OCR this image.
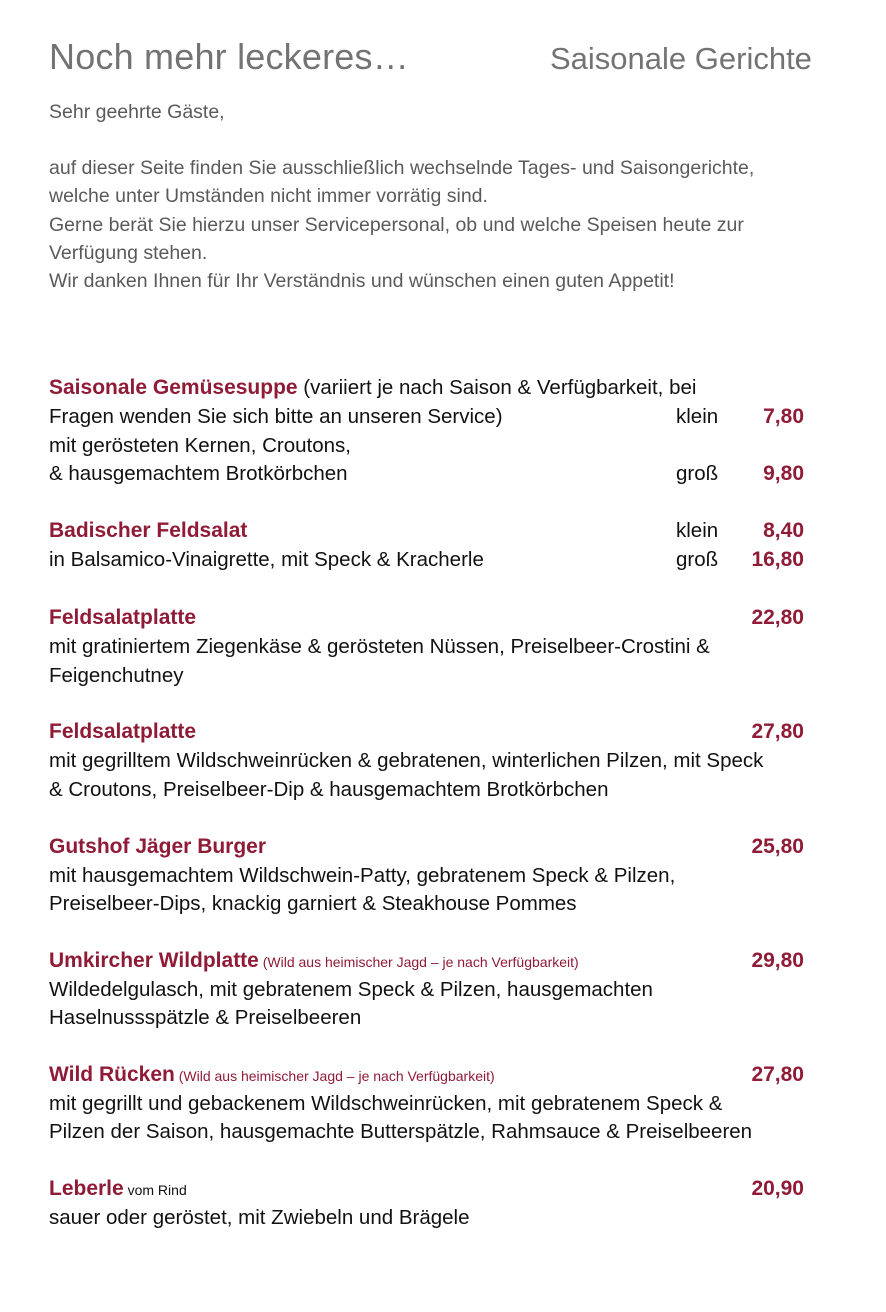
Noch mehr leckeres…	Saisonale Gerichte
Sehr geehrte Gäste,
auf dieser Seite finden Sie ausschließlich wechselnde Tages- und Saisongerichte,
welche unter Umständen nicht immer vorrätig sind.
Gerne berät Sie hierzu unser Servicepersonal, ob und welche Speisen heute zur
Verfügung stehen.
Wir danken Ihnen für Ihr Verständnis und wünschen einen guten Appetit!
Saisonale Gemüsesuppe (variiert je nach Saison & Verfügbarkeit, bei
Fragen wenden Sie sich bitte an unseren Service)	klein 7,80
mit gerösteten Kernen, Croutons,
& hausgemachtem Brotkörbchen	groß 9,80
Badischer Feldsalat	klein 8,40
in Balsamico-Vinaigrette, mit Speck & Kracherle	groß 16,80
Feldsalatplatte	22,80
mit gratiniertem Ziegenkäse & gerösteten Nüssen, Preiselbeer-Crostini &
Feigenchutney
Feldsalatplatte	27,80
mit gegrilltem Wildschweinrücken & gebratenen, winterlichen Pilzen, mit Speck
& Croutons, Preiselbeer-Dip & hausgemachtem Brotkörbchen
Gutshof Jäger Burger	25,80
mit hausgemachtem Wildschwein-Patty, gebratenem Speck & Pilzen,
Preiselbeer-Dips, knackig garniert & Steakhouse Pommes
Umkircher Wildplatte (Wild aus heimischer Jagd – je nach Verfügbarkeit)	29,80
Wildedelgulasch, mit gebratenem Speck & Pilzen, hausgemachten
Haselnussspätzle & Preiselbeeren
Wild Rücken (Wild aus heimischer Jagd – je nach Verfügbarkeit)	27,80
mit gegrillt und gebackenem Wildschweinrücken, mit gebratenem Speck &
Pilzen der Saison, hausgemachte Butterspätzle, Rahmsauce & Preiselbeeren
Leberle vom Rind	20,90
sauer oder geröstet, mit Zwiebeln und Brägele
